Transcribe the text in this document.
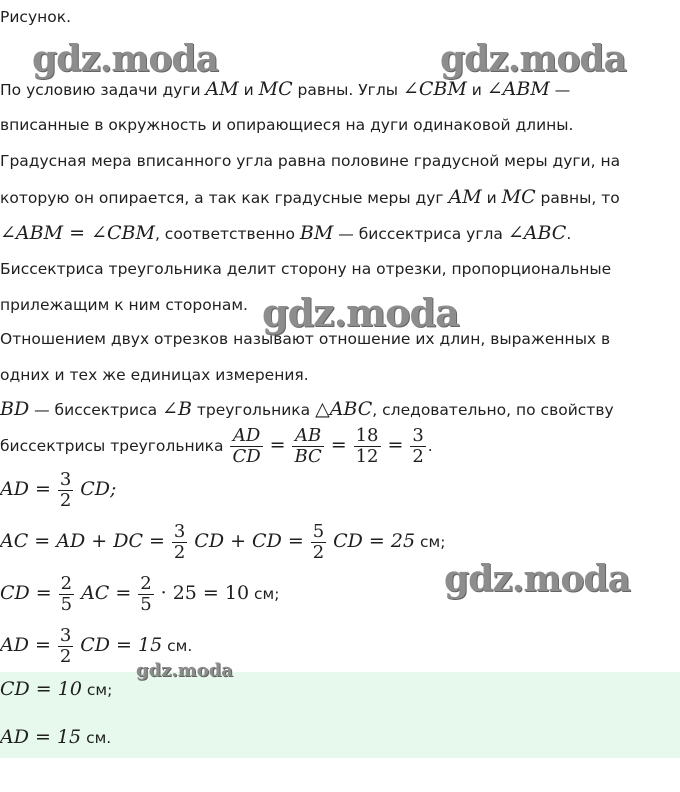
Рисунок.
gdz.moda	gdz.moda
По условию задачи дуги AM и MC равны. Углы ∠CBM и ∠ABM —
вписанные в окружность и опирающиеся на дуги одинаковой длины.
Градусная мера вписанного угла равна половине градусной меры дуги, на
которую он опирается, а так как градусные меры дуг AM и MC равны, то
∠ABM = ∠CBM, соответственно BM — биссектриса угла ∠ABC.
Биссектриса треугольника делит сторону на отрезки, пропорциональные
прилежащим к ним сторонам. gdz.moda
Отношением двух отрезков называют отношение их длин, выраженных в
одних и тех же единицах измерения.
BD — биссектриса ∠B треугольника △ABC, следовательно, по свойству
биссектрисы треугольника $\frac{AD}{CD} = \frac{AB}{BC} = \frac{18}{12} = \frac{3}{2}$ .
AD = $\frac{3}{2}$ CD;
AC = AD + DC = $\frac{3}{2}$ CD + CD = $\frac{5}{2}$ CD = 25 см;
gdz.moda
CD = $\frac{2}{5}$ AC = $\frac{2}{5} \cdot 25 = 10$ см;
AD = $\frac{3}{2}$ CD = 15 см.
CD = 10 см;
AD = 15 см.
gdz.moda
